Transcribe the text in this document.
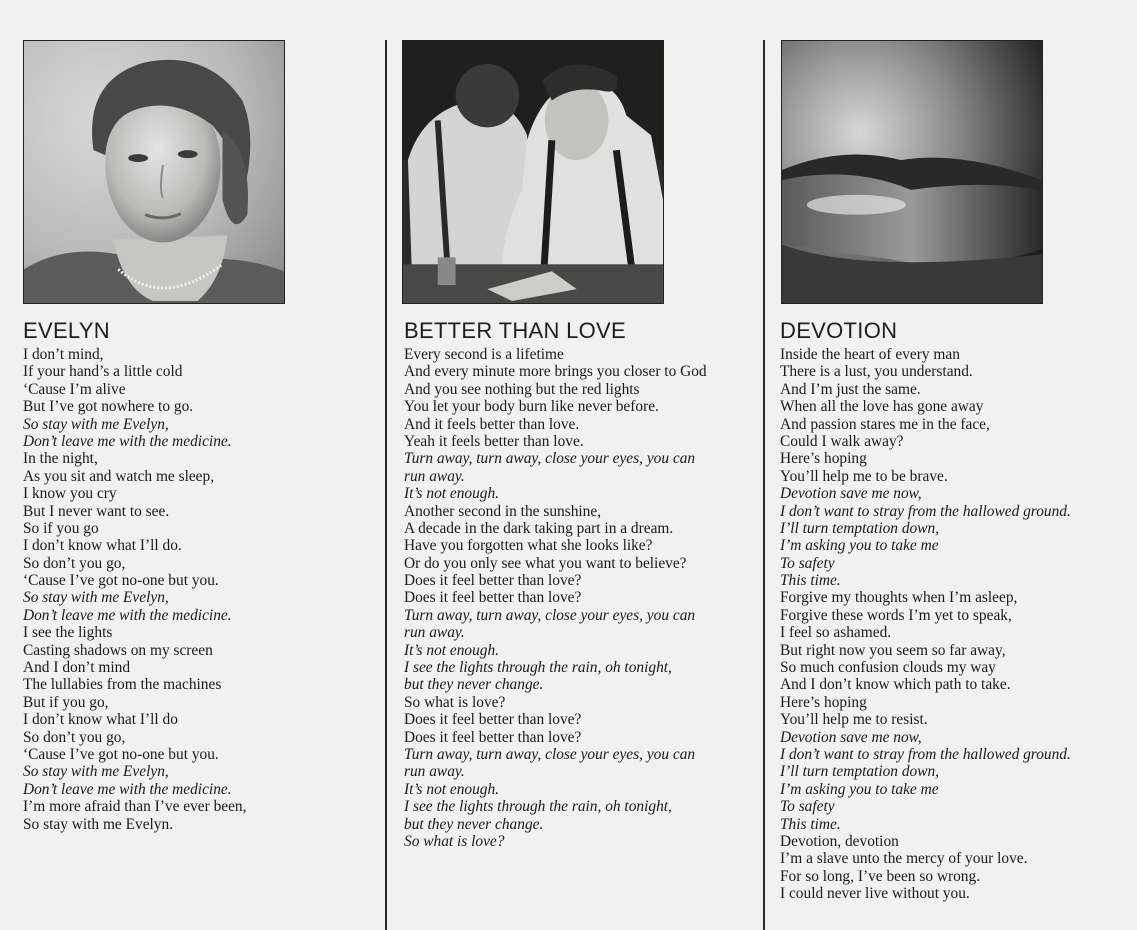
EVELYN
I don’t mind,
If your hand’s a little cold
‘Cause I’m alive
But I’ve got nowhere to go.
So stay with me Evelyn,
Don’t leave me with the medicine.
In the night,
As you sit and watch me sleep,
I know you cry
But I never want to see.
So if you go
I don’t know what I’ll do.
So don’t you go,
‘Cause I’ve got no-one but you.
So stay with me Evelyn,
Don’t leave me with the medicine.
I see the lights
Casting shadows on my screen
And I don’t mind
The lullabies from the machines
But if you go,
I don’t know what I’ll do
So don’t you go,
‘Cause I’ve got no-one but you.
So stay with me Evelyn,
Don’t leave me with the medicine.
I’m more afraid than I’ve ever been,
So stay with me Evelyn.
BETTER THAN LOVE
Every second is a lifetime
And every minute more brings you closer to God
And you see nothing but the red lights
You let your body burn like never before.
And it feels better than love.
Yeah it feels better than love.
Turn away, turn away, close your eyes, you can
run away.
It’s not enough.
Another second in the sunshine,
A decade in the dark taking part in a dream.
Have you forgotten what she looks like?
Or do you only see what you want to believe?
Does it feel better than love?
Does it feel better than love?
Turn away, turn away, close your eyes, you can
run away.
It’s not enough.
I see the lights through the rain, oh tonight,
but they never change.
So what is love?
Does it feel better than love?
Does it feel better than love?
Turn away, turn away, close your eyes, you can
run away.
It’s not enough.
I see the lights through the rain, oh tonight,
but they never change.
So what is love?
DEVOTION
Inside the heart of every man
There is a lust, you understand.
And I’m just the same.
When all the love has gone away
And passion stares me in the face,
Could I walk away?
Here’s hoping
You’ll help me to be brave.
Devotion save me now,
I don’t want to stray from the hallowed ground.
I’ll turn temptation down,
I’m asking you to take me
To safety
This time.
Forgive my thoughts when I’m asleep,
Forgive these words I’m yet to speak,
I feel so ashamed.
But right now you seem so far away,
So much confusion clouds my way
And I don’t know which path to take.
Here’s hoping
You’ll help me to resist.
Devotion save me now,
I don’t want to stray from the hallowed ground.
I’ll turn temptation down,
I’m asking you to take me
To safety
This time.
Devotion, devotion
I’m a slave unto the mercy of your love.
For so long, I’ve been so wrong.
I could never live without you.
